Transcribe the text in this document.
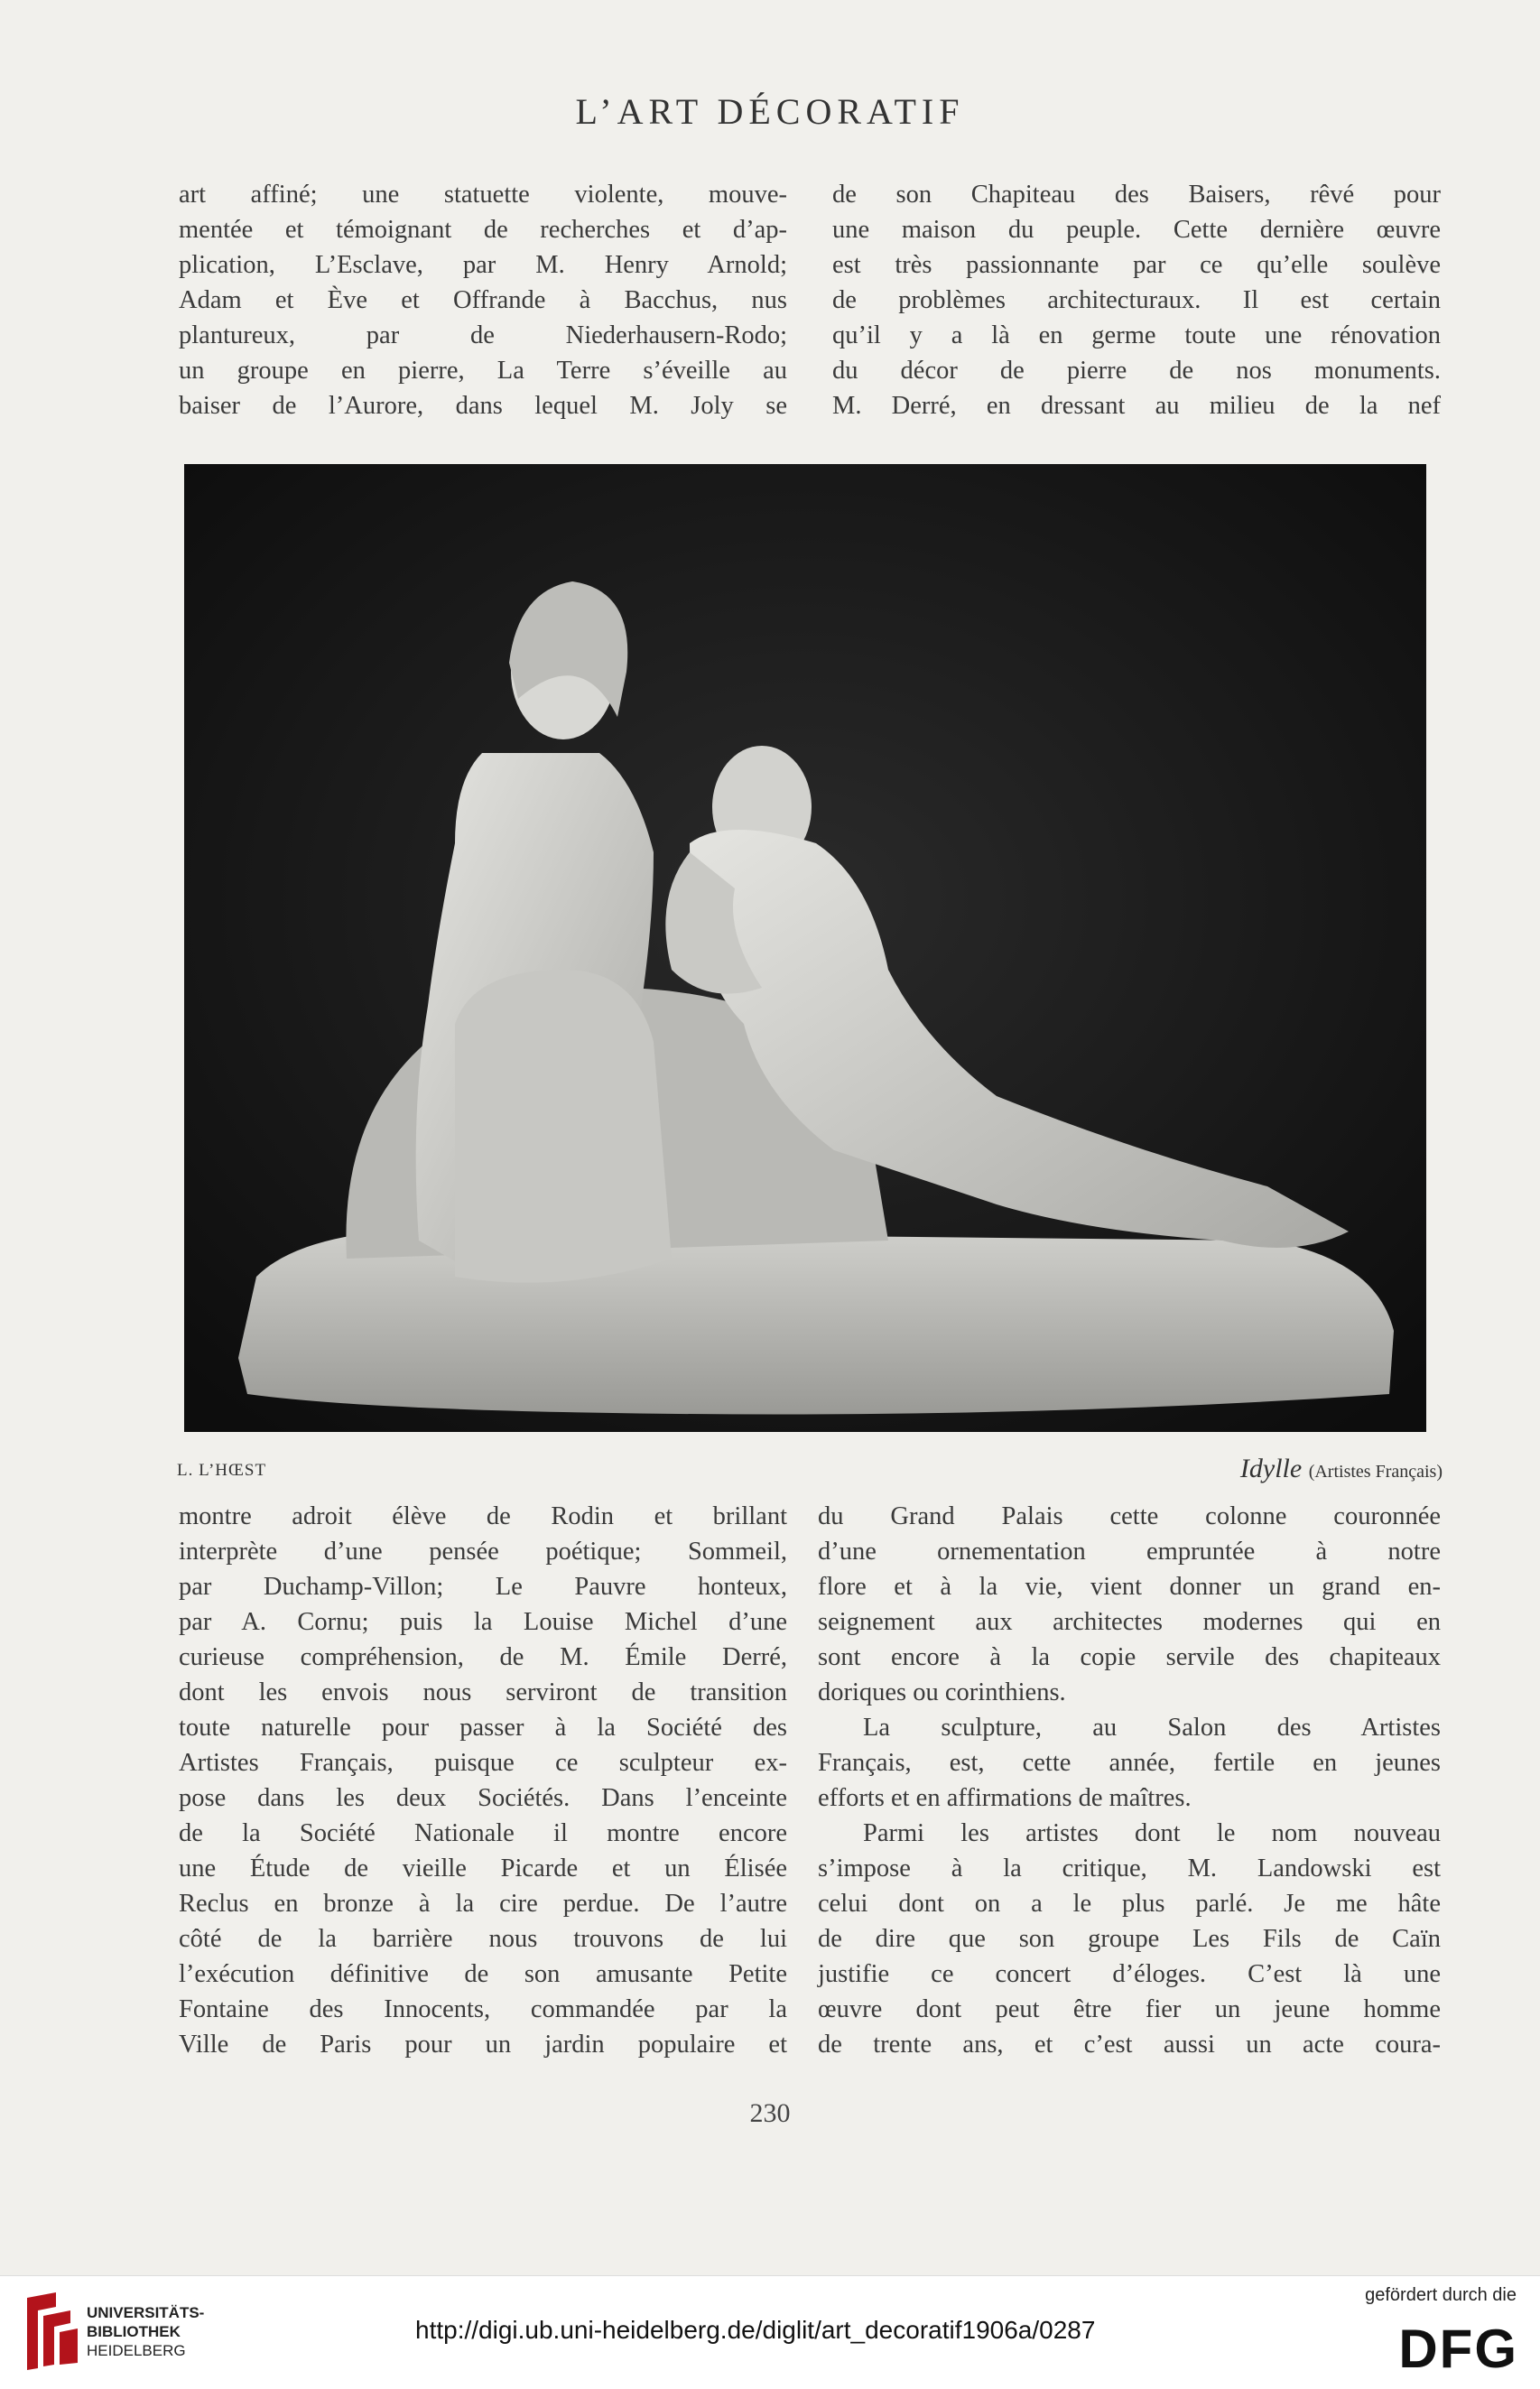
L’ART DÉCORATIF
art affiné; une statuette violente, mouve-
mentée et témoignant de recherches et d’ap-
plication, L’Esclave, par M. Henry Arnold;
Adam et Ève et Offrande à Bacchus, nus
plantureux, par de Niederhausern-Rodo;
un groupe en pierre, La Terre s’éveille au
baiser de l’Aurore, dans lequel M. Joly se
de son Chapiteau des Baisers, rêvé pour
une maison du peuple. Cette dernière œuvre
est très passionnante par ce qu’elle soulève
de problèmes architecturaux. Il est certain
qu’il y a là en germe toute une rénovation
du décor de pierre de nos monuments.
M. Derré, en dressant au milieu de la nef
L. L’HŒST	Idylle (Artistes Français)
montre adroit élève de Rodin et brillant
interprète d’une pensée poétique; Sommeil,
par Duchamp-Villon; Le Pauvre honteux,
par A. Cornu; puis la Louise Michel d’une
curieuse compréhension, de M. Émile Derré,
dont les envois nous serviront de transition
toute naturelle pour passer à la Société des
Artistes Français, puisque ce sculpteur ex-
pose dans les deux Sociétés. Dans l’enceinte
de la Société Nationale il montre encore
une Étude de vieille Picarde et un Élisée
Reclus en bronze à la cire perdue. De l’autre
côté de la barrière nous trouvons de lui
l’exécution définitive de son amusante Petite
Fontaine des Innocents, commandée par la
Ville de Paris pour un jardin populaire et
du Grand Palais cette colonne couronnée
d’une ornementation empruntée à notre
flore et à la vie, vient donner un grand en-
seignement aux architectes modernes qui en
sont encore à la copie servile des chapiteaux
doriques ou corinthiens.
La sculpture, au Salon des Artistes
Français, est, cette année, fertile en jeunes
efforts et en affirmations de maîtres.
Parmi les artistes dont le nom nouveau
s’impose à la critique, M. Landowski est
celui dont on a le plus parlé. Je me hâte
de dire que son groupe Les Fils de Caïn
justifie ce concert d’éloges. C’est là une
œuvre dont peut être fier un jeune homme
de trente ans, et c’est aussi un acte coura-
230
UNIVERSITÄTS-
BIBLIOTHEK
HEIDELBERG
http://digi.ub.uni-heidelberg.de/diglit/art_decoratif1906a/0287
gefördert durch die
DFG
